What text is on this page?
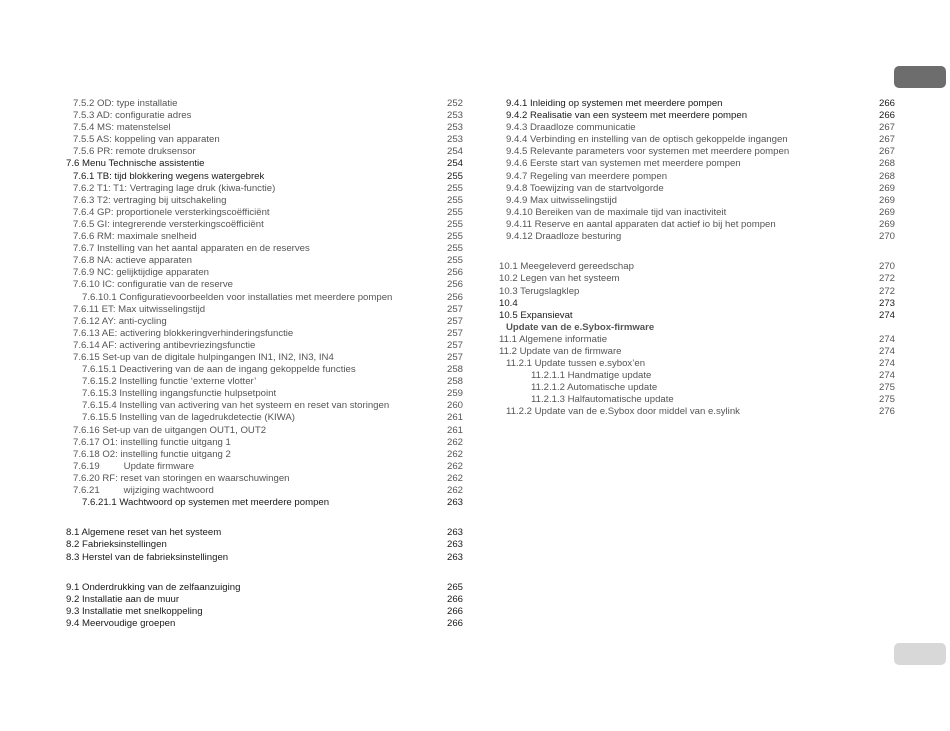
7.5.2 OD: type installatie	252
7.5.3 AD: configuratie adres	253
7.5.4 MS: matenstelsel	253
7.5.5 AS: koppeling van apparaten	253
7.5.6 PR: remote druksensor	254
7.6 Menu Technische assistentie	254
7.6.1 TB: tijd blokkering wegens watergebrek	255
7.6.2 T1: T1: Vertraging lage druk (kiwa-functie)	255
7.6.3 T2: vertraging bij uitschakeling	255
7.6.4 GP: proportionele versterkingscoëfficiënt	255
7.6.5 GI: integrerende versterkingscoëfficiënt	255
7.6.6 RM: maximale snelheid	255
7.6.7 Instelling van het aantal apparaten en de reserves	255
7.6.8 NA: actieve apparaten	255
7.6.9 NC: gelijktijdige apparaten	256
7.6.10 IC: configuratie van de reserve	256
7.6.10.1 Configuratievoorbeelden voor installaties met meerdere pompen	256
7.6.11 ET: Max uitwisselingstijd	257
7.6.12 AY: anti-cycling	257
7.6.13 AE: activering blokkeringverhinderingsfunctie	257
7.6.14 AF: activering antibevriezingsfunctie	257
7.6.15 Set-up van de digitale hulpingangen IN1, IN2, IN3, IN4	257
7.6.15.1 Deactivering van de aan de ingang gekoppelde functies	258
7.6.15.2 Instelling functie ‘externe vlotter’	258
7.6.15.3 Instelling ingangsfunctie hulpsetpoint	259
7.6.15.4 Instelling van activering van het systeem en reset van storingen	260
7.6.15.5 Instelling van de lagedrukdetectie (KIWA)	261
7.6.16 Set-up van de uitgangen OUT1, OUT2	261
7.6.17 O1: instelling functie uitgang 1	262
7.6.18 O2: instelling functie uitgang 2	262
7.6.19         Update firmware	262
7.6.20 RF: reset van storingen en waarschuwingen	262
7.6.21         wijziging wachtwoord	262
7.6.21.1 Wachtwoord op systemen met meerdere pompen	263
8.1 Algemene reset van het systeem	263
8.2 Fabrieksinstellingen	263
8.3 Herstel van de fabrieksinstellingen	263
9.1 Onderdrukking van de zelfaanzuiging	265
9.2 Installatie aan de muur	266
9.3 Installatie met snelkoppeling	266
9.4 Meervoudige groepen	266
9.4.1 Inleiding op systemen met meerdere pompen	266
9.4.2 Realisatie van een systeem met meerdere pompen	266
9.4.3 Draadloze communicatie	267
9.4.4 Verbinding en instelling van de optisch gekoppelde ingangen	267
9.4.5 Relevante parameters voor systemen met meerdere pompen	267
9.4.6 Eerste start van systemen met meerdere pompen	268
9.4.7 Regeling van meerdere pompen	268
9.4.8 Toewijzing van de startvolgorde	269
9.4.9 Max uitwisselingstijd	269
9.4.10 Bereiken van de maximale tijd van inactiviteit	269
9.4.11 Reserve en aantal apparaten dat actief io bij het pompen	269
9.4.12 Draadloze besturing	270
10.1 Meegeleverd gereedschap	270
10.2 Legen van het systeem	272
10.3 Terugslagklep	272
10.4	273
10.5 Expansievat	274
Update van de e.Sybox-firmware
11.1 Algemene informatie	274
11.2 Update van de firmware	274
11.2.1 Update tussen e.sybox’en	274
11.2.1.1 Handmatige update	274
11.2.1.2 Automatische update	275
11.2.1.3 Halfautomatische update	275
11.2.2 Update van de e.Sybox door middel van e.sylink	276
